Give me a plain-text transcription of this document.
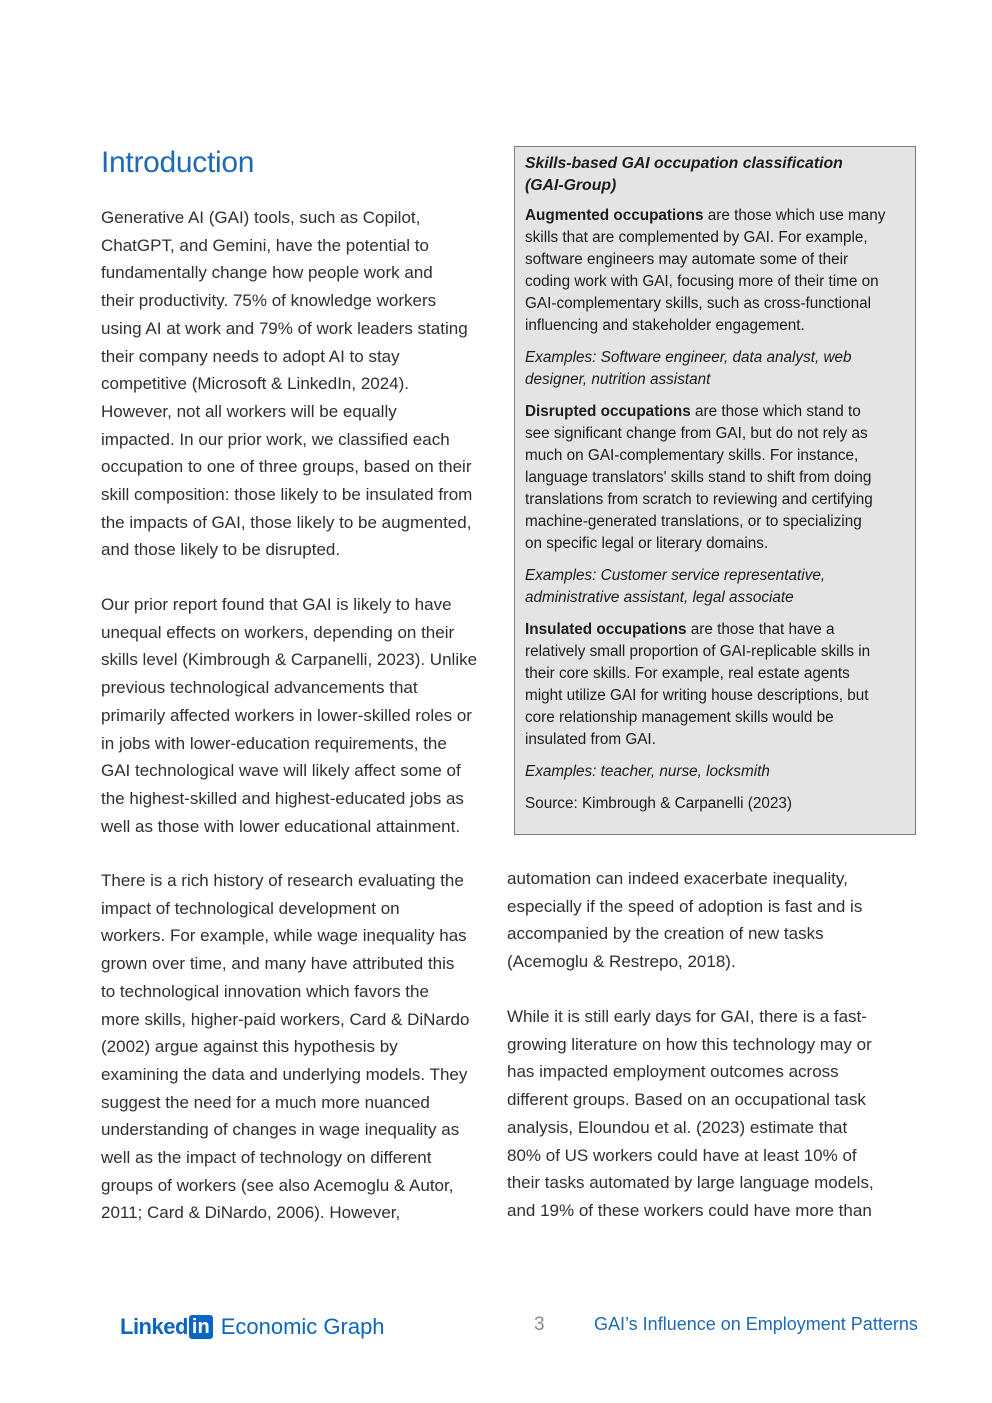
Introduction
Generative AI (GAI) tools, such as Copilot,
ChatGPT, and Gemini, have the potential to
fundamentally change how people work and
their productivity. 75% of knowledge workers
using AI at work and 79% of work leaders stating
their company needs to adopt AI to stay
competitive (Microsoft & LinkedIn, 2024).
However, not all workers will be equally
impacted. In our prior work, we classified each
occupation to one of three groups, based on their
skill composition: those likely to be insulated from
the impacts of GAI, those likely to be augmented,
and those likely to be disrupted.
Our prior report found that GAI is likely to have
unequal effects on workers, depending on their
skills level (Kimbrough & Carpanelli, 2023). Unlike
previous technological advancements that
primarily affected workers in lower-skilled roles or
in jobs with lower-education requirements, the
GAI technological wave will likely affect some of
the highest-skilled and highest-educated jobs as
well as those with lower educational attainment.
There is a rich history of research evaluating the
impact of technological development on
workers. For example, while wage inequality has
grown over time, and many have attributed this
to technological innovation which favors the
more skills, higher-paid workers, Card & DiNardo
(2002) argue against this hypothesis by
examining the data and underlying models. They
suggest the need for a much more nuanced
understanding of changes in wage inequality as
well as the impact of technology on different
groups of workers (see also Acemoglu & Autor,
2011; Card & DiNardo, 2006). However,
automation can indeed exacerbate inequality,
especially if the speed of adoption is fast and is
accompanied by the creation of new tasks
(Acemoglu & Restrepo, 2018).
While it is still early days for GAI, there is a fast-
growing literature on how this technology may or
has impacted employment outcomes across
different groups. Based on an occupational task
analysis, Eloundou et al. (2023) estimate that
80% of US workers could have at least 10% of
their tasks automated by large language models,
and 19% of these workers could have more than
Skills-based GAI occupation classification
(GAI-Group)
Augmented occupations are those which use many
skills that are complemented by GAI. For example,
software engineers may automate some of their
coding work with GAI, focusing more of their time on
GAI-complementary skills, such as cross-functional
influencing and stakeholder engagement.
Examples: Software engineer, data analyst, web
designer, nutrition assistant
Disrupted occupations are those which stand to
see significant change from GAI, but do not rely as
much on GAI-complementary skills. For instance,
language translators' skills stand to shift from doing
translations from scratch to reviewing and certifying
machine-generated translations, or to specializing
on specific legal or literary domains.
Examples: Customer service representative,
administrative assistant, legal associate
Insulated occupations are those that have a
relatively small proportion of GAI-replicable skills in
their core skills. For example, real estate agents
might utilize GAI for writing house descriptions, but
core relationship management skills would be
insulated from GAI.
Examples: teacher, nurse, locksmith
Source: Kimbrough & Carpanelli (2023)
Linked in Economic Graph	3	GAI’s Influence on Employment Patterns
